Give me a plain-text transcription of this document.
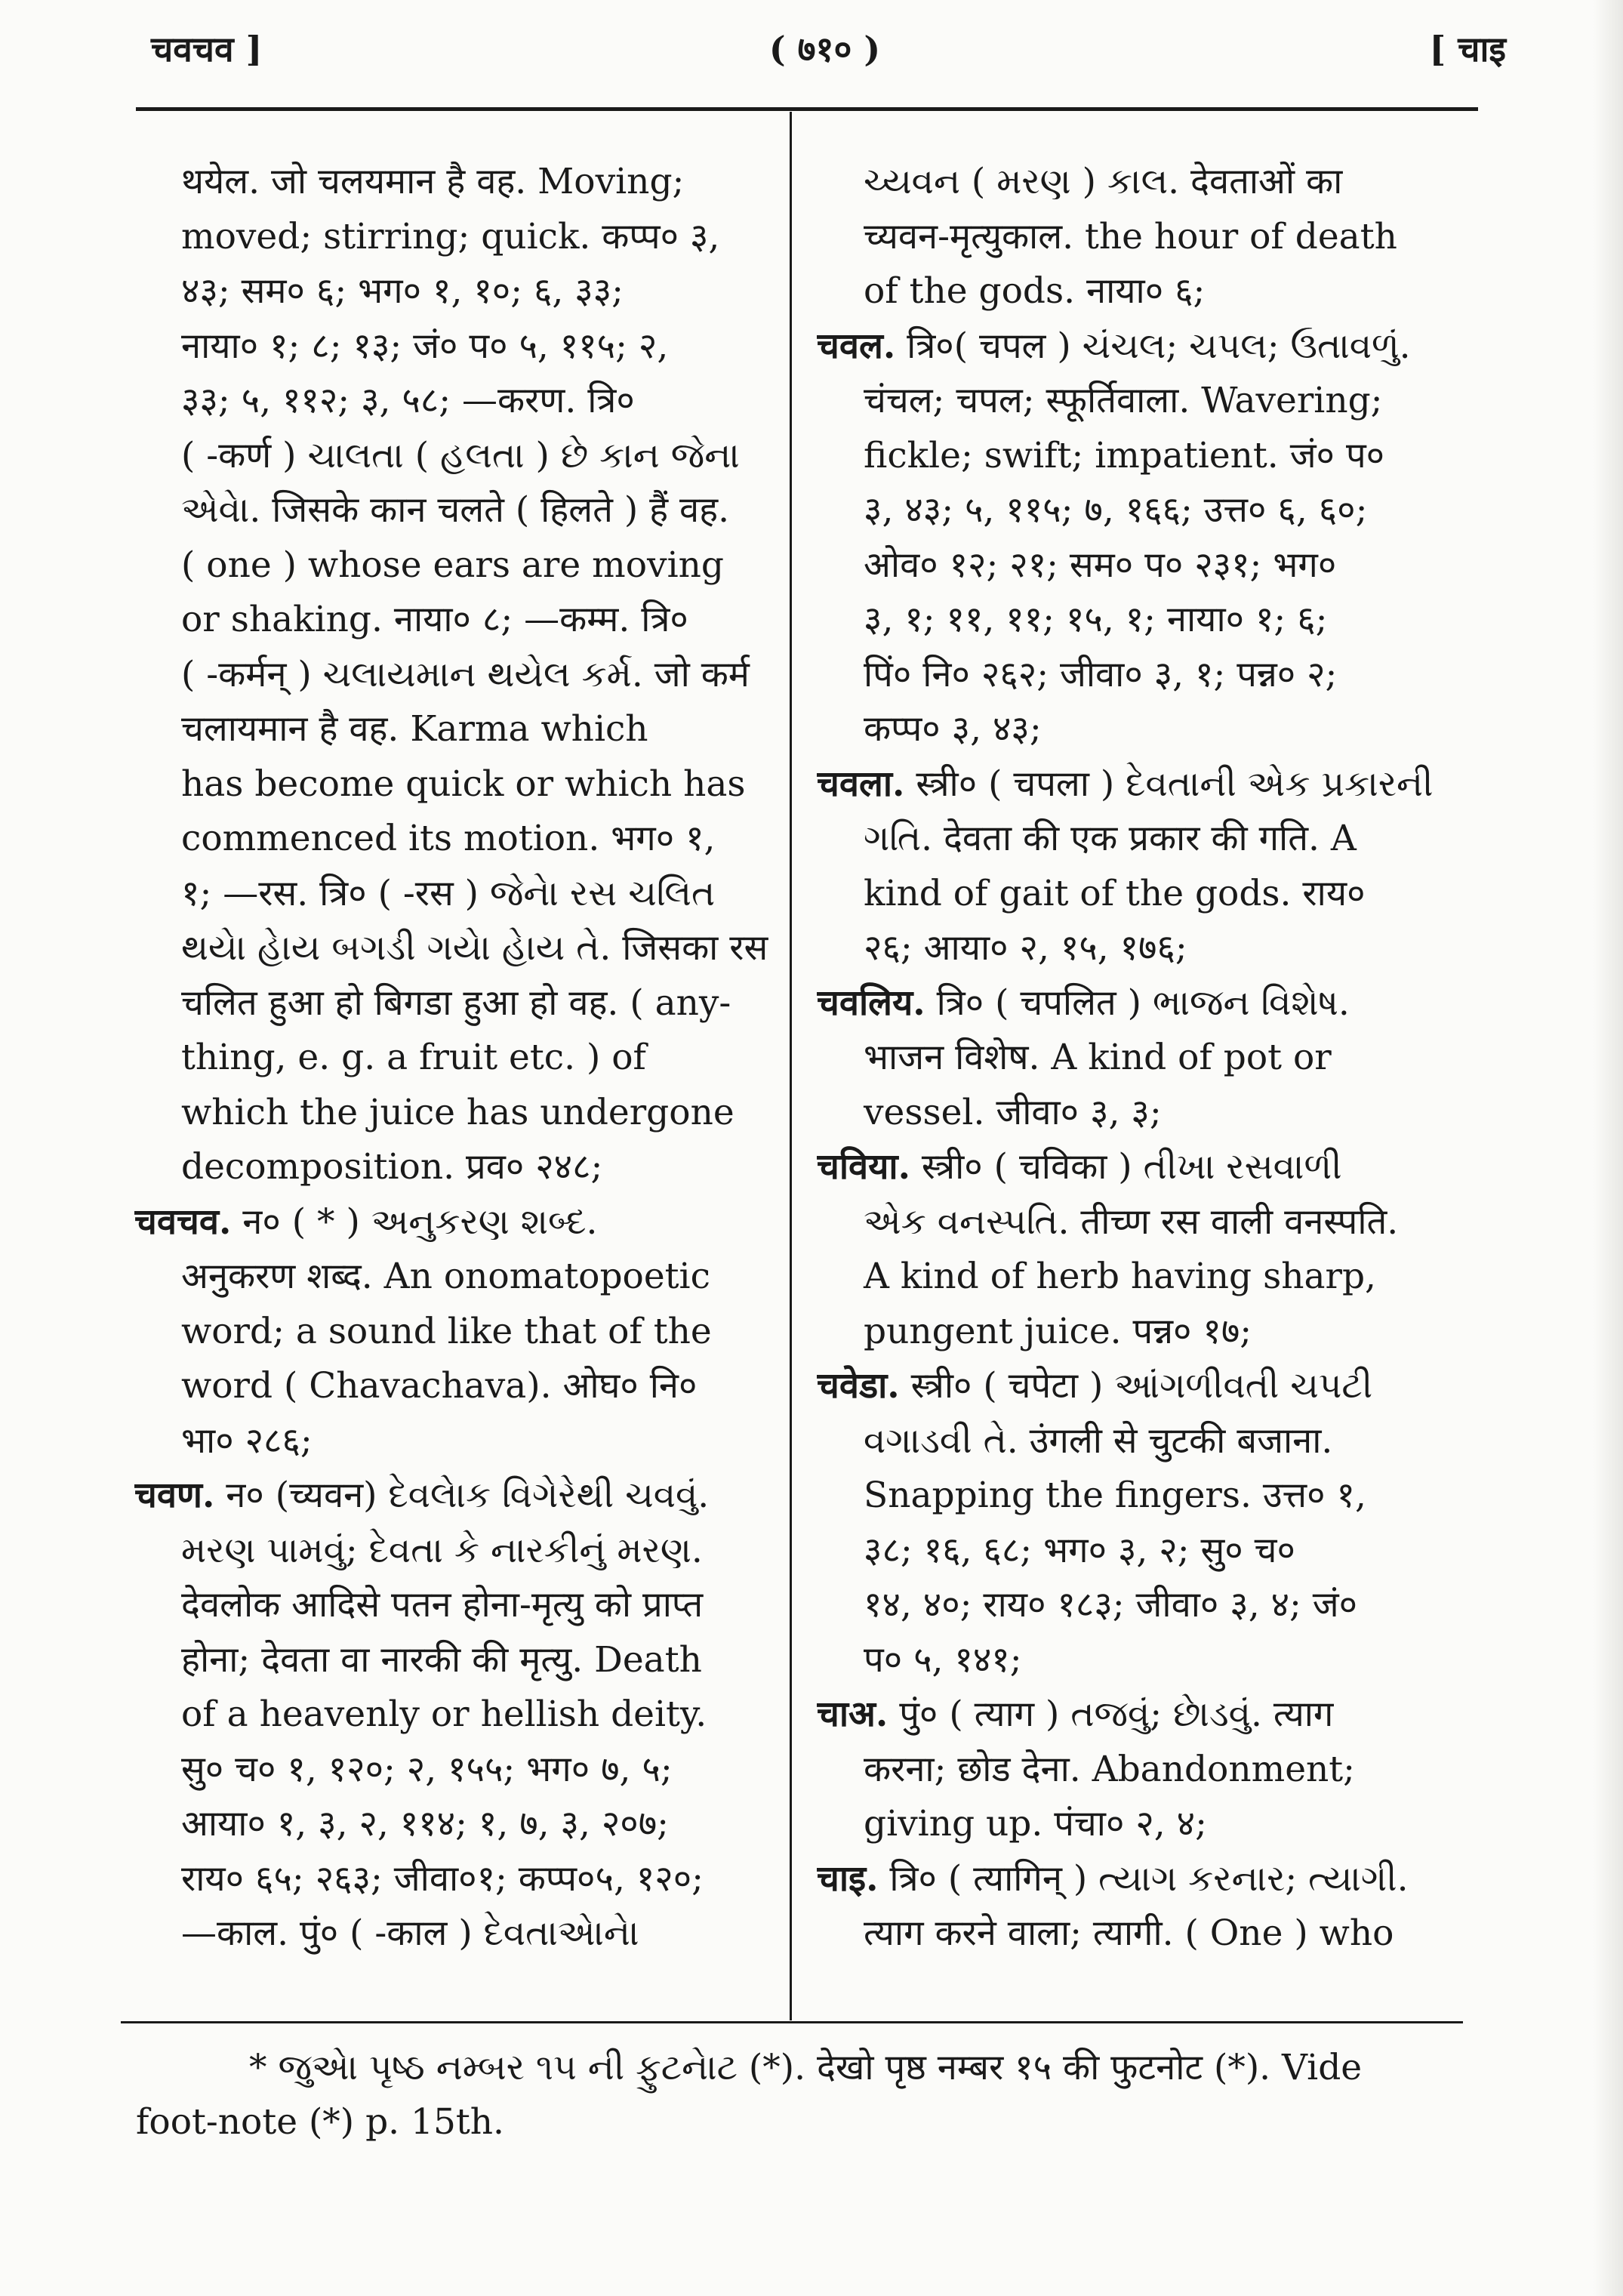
चवचव ]	( ७१० )	[ चाइ
थयेल. जो चलयमान है वह. Moving;
moved; stirring; quick. कप्प० ३,
४३; सम० ६; भग० १, १०; ६, ३३;
नाया० १; ८; १३; जं० प० ५, ११५; २,
३३; ५, ११२; ३, ५८; —करण. त्रि०
( -कर्ण ) ચાલતા ( હલતા ) છે કાન જેના
એવેા. जिसके कान चलते ( हिलते ) हैं वह.
( one ) whose ears are moving
or shaking. नाया० ८; —कम्म. त्रि०
( -कर्मन् ) ચલાયમાન થયેલ કર્મ. जो कर्म
चलायमान है वह. Karma which
has become quick or which has
commenced its motion. भग० १,
१; —रस. त्रि० ( -रस ) જેનેા રસ ચલિત
થયેા હેાય બગડી ગયેા હેાય તે. जिसका रस
चलित हुआ हो बिगडा हुआ हो वह. ( any-
thing, e. g. a fruit etc. ) of
which the juice has undergone
decomposition. प्रव० २४८;
चवचव. न० ( * ) અનુકરણ શબ્દ.
अनुकरण शब्द. An onomatopoetic
word; a sound like that of the
word ( Chavachava). ओघ० नि०
भा० २८६;
चवण. न० (च्यवन) દેવલેાક વિગેરેથી ચવવું.
મરણ પામવું; દેવતા કે નારકીનું મરણ.
देवलोक आदिसे पतन होना-मृत्यु को प्राप्त
होना; देवता वा नारकी की मृत्यु. Death
of a heavenly or hellish deity.
सु० च० १, १२०; २, १५५; भग० ७, ५;
आया० १, ३, २, ११४; १, ७, ३, २०७;
राय० ६५; २६३; जीवा०१; कप्प०५, १२०;
—काल. पुं० ( -काल ) દેવતાએાનેા
ચ્યવન ( મરણ ) કાલ. देवताओं का
च्यवन-मृत्युकाल. the hour of death
of the gods. नाया० ६;
चवल. त्रि०( चपल ) ચંચલ; ચપલ; ઉતાવળું.
चंचल; चपल; स्फूर्तिवाला. Wavering;
fickle; swift; impatient. जं० प०
३, ४३; ५, ११५; ७, १६६; उत्त० ६, ६०;
ओव० १२; २१; सम० प० २३१; भग०
३, १; ११, ११; १५, १; नाया० १; ६;
पिं० नि० २६२; जीवा० ३, १; पन्न० २;
कप्प० ३, ४३;
चवला. स्त्री० ( चपला ) દેવતાની એક પ્રકારની
ગતિ. देवता की एक प्रकार की गति. A
kind of gait of the gods. राय०
२६; आया० २, १५, १७६;
चवलिय. त्रि० ( चपलित ) ભાજન વિશેષ.
भाजन विशेष. A kind of pot or
vessel. जीवा० ३, ३;
चविया. स्त्री० ( चविका ) તીખા રસવાળી
એક વનસ્પતિ. तीच्‍ण रस वाली वनस्पति.
A kind of herb having sharp,
pungent juice. पन्न० १७;
चवेडा. स्त्री० ( चपेटा ) આંગળીવતી ચપટી
વગાડવી તે. उंगली से चुटकी बजाना.
Snapping the fingers. उत्त० १,
३८; १६, ६८; भग० ३, २; सु० च०
१४, ४०; राय० १८३; जीवा० ३, ४; जं०
प० ५, १४१;
चाअ. पुं० ( त्याग ) તજવું; છેાડવું. त्याग
करना; छोड देना. Abandonment;
giving up. पंचा० २, ४;
चाइ. त्रि० ( त्यागिन् ) ત્યાગ કરનાર; ત્યાગી.
त्याग करने वाला; त्यागी. ( One ) who
* જુએા પૃષ્ઠ નમ્બર ૧૫ ની ફુટનેાટ (*). देखो पृष्ठ नम्बर १५ की फुटनोट (*). Vide
foot-note (*) p. 15th.
